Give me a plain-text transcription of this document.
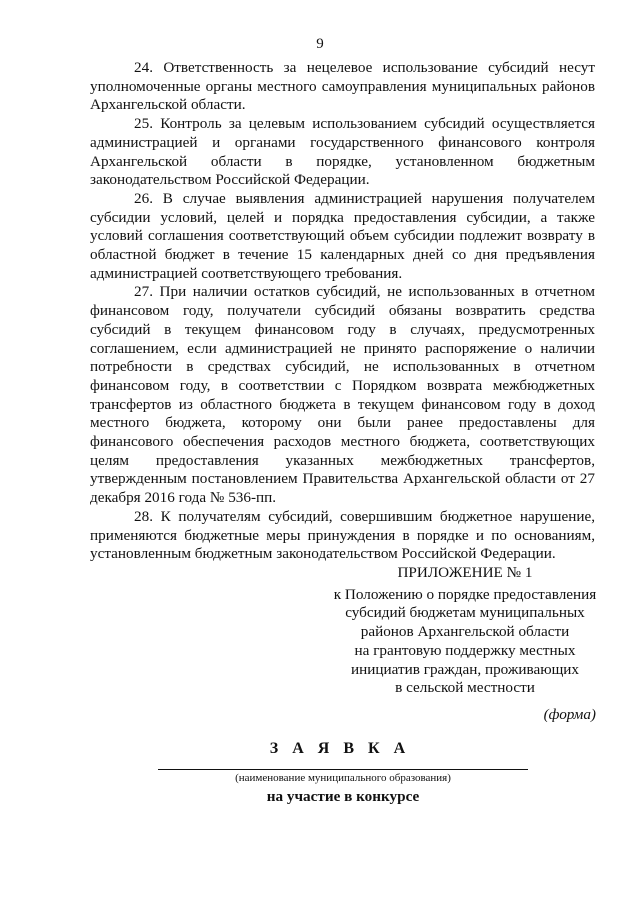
9

24. Ответственность за нецелевое использование субсидий несут уполномоченные органы местного самоуправления муниципальных районов Архангельской области.

25. Контроль за целевым использованием субсидий осуществляется администрацией и органами государственного финансового контроля Архангельской области в порядке, установленном бюджетным законодательством Российской Федерации.

26. В случае выявления администрацией нарушения получателем субсидии условий, целей и порядка предоставления субсидии, а также условий соглашения соответствующий объем субсидии подлежит возврату в областной бюджет в течение 15 календарных дней со дня предъявления администрацией соответствующего требования.

27. При наличии остатков субсидий, не использованных в отчетном финансовом году, получатели субсидий обязаны возвратить средства субсидий в текущем финансовом году в случаях, предусмотренных соглашением, если администрацией не принято распоряжение о наличии потребности в средствах субсидий, не использованных в отчетном финансовом году, в соответствии с Порядком возврата межбюджетных трансфертов из областного бюджета в текущем финансовом году в доход местного бюджета, которому они были ранее предоставлены для финансового обеспечения расходов местного бюджета, соответствующих целям предоставления указанных межбюджетных трансфертов, утвержденным постановлением Правительства Архангельской области от 27 декабря 2016 года № 536-пп.

28. К получателям субсидий, совершившим бюджетное нарушение, применяются бюджетные меры принуждения в порядке и по основаниям, установленным бюджетным законодательством Российской Федерации.

ПРИЛОЖЕНИЕ № 1
к Положению о порядке предоставления
субсидий бюджетам муниципальных
районов Архангельской области
на грантовую поддержку местных
инициатив граждан, проживающих
в сельской местности
(форма)
З А Я В К А
(наименование муниципального образования)
на участие в конкурсе
